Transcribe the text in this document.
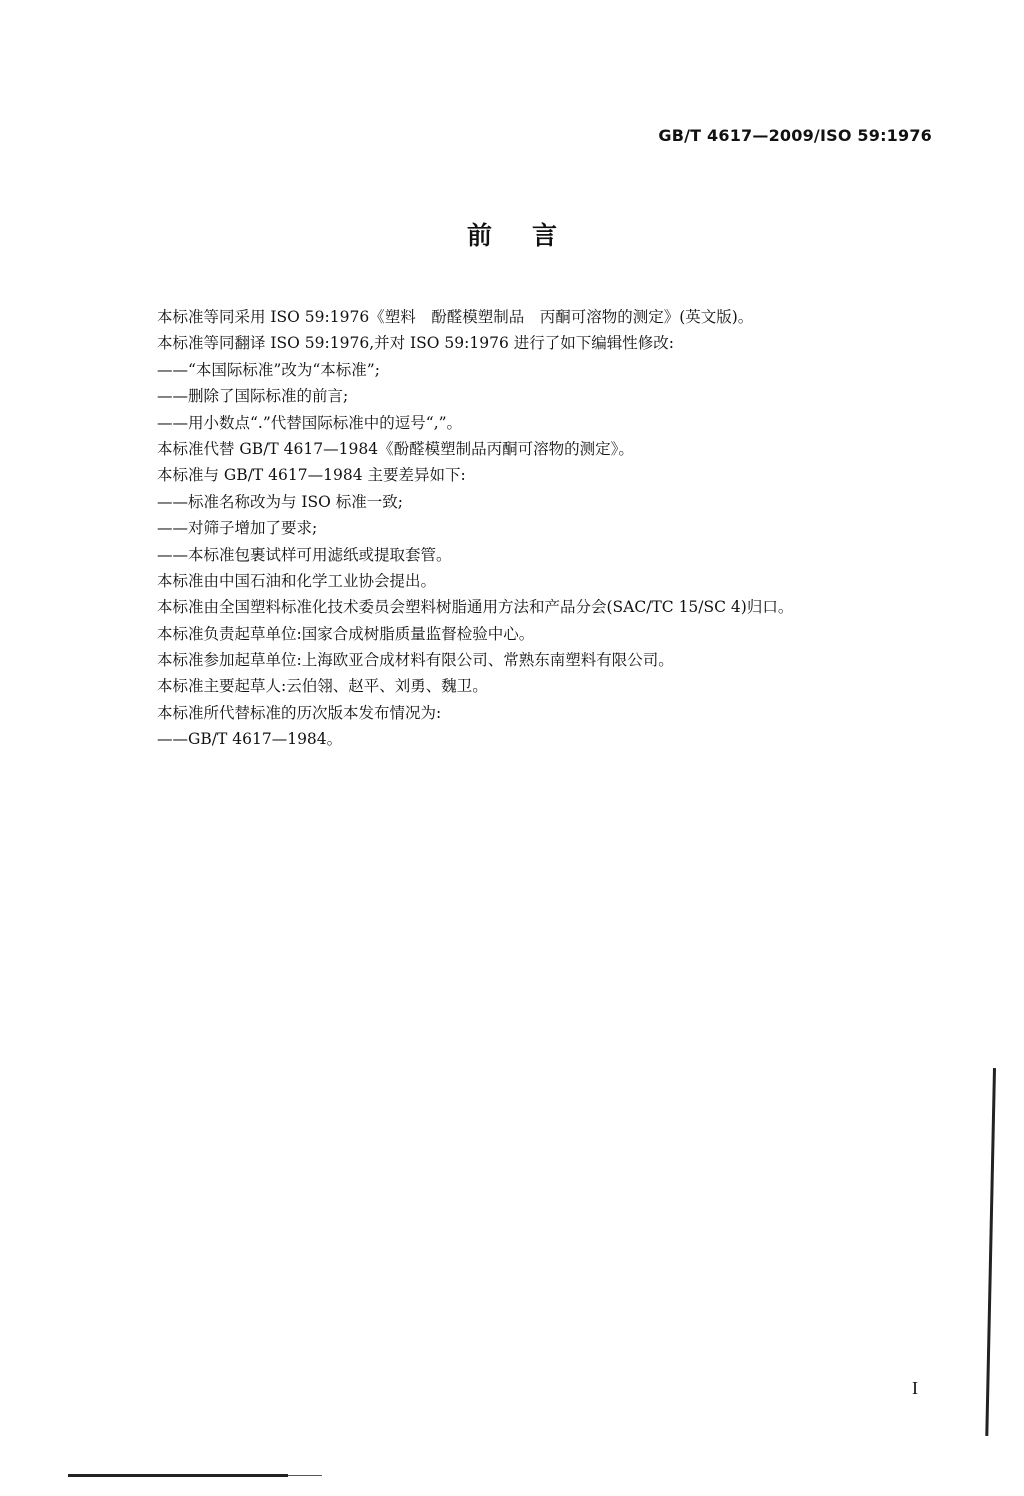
GB/T 4617—2009/ISO 59:1976
前言
本标准等同采用 ISO 59:1976《塑料　酚醛模塑制品　丙酮可溶物的测定》(英文版)。
本标准等同翻译 ISO 59:1976,并对 ISO 59:1976 进行了如下编辑性修改:
——“本国际标准”改为“本标准”;
——删除了国际标准的前言;
——用小数点“.”代替国际标准中的逗号“,”。
本标准代替 GB/T 4617—1984《酚醛模塑制品丙酮可溶物的测定》。
本标准与 GB/T 4617—1984 主要差异如下:
——标准名称改为与 ISO 标准一致;
——对筛子增加了要求;
——本标准包裹试样可用滤纸或提取套管。
本标准由中国石油和化学工业协会提出。
本标准由全国塑料标准化技术委员会塑料树脂通用方法和产品分会(SAC/TC 15/SC 4)归口。
本标准负责起草单位:国家合成树脂质量监督检验中心。
本标准参加起草单位:上海欧亚合成材料有限公司、常熟东南塑料有限公司。
本标准主要起草人:云伯翎、赵平、刘勇、魏卫。
本标准所代替标准的历次版本发布情况为:
——GB/T 4617—1984。
I
